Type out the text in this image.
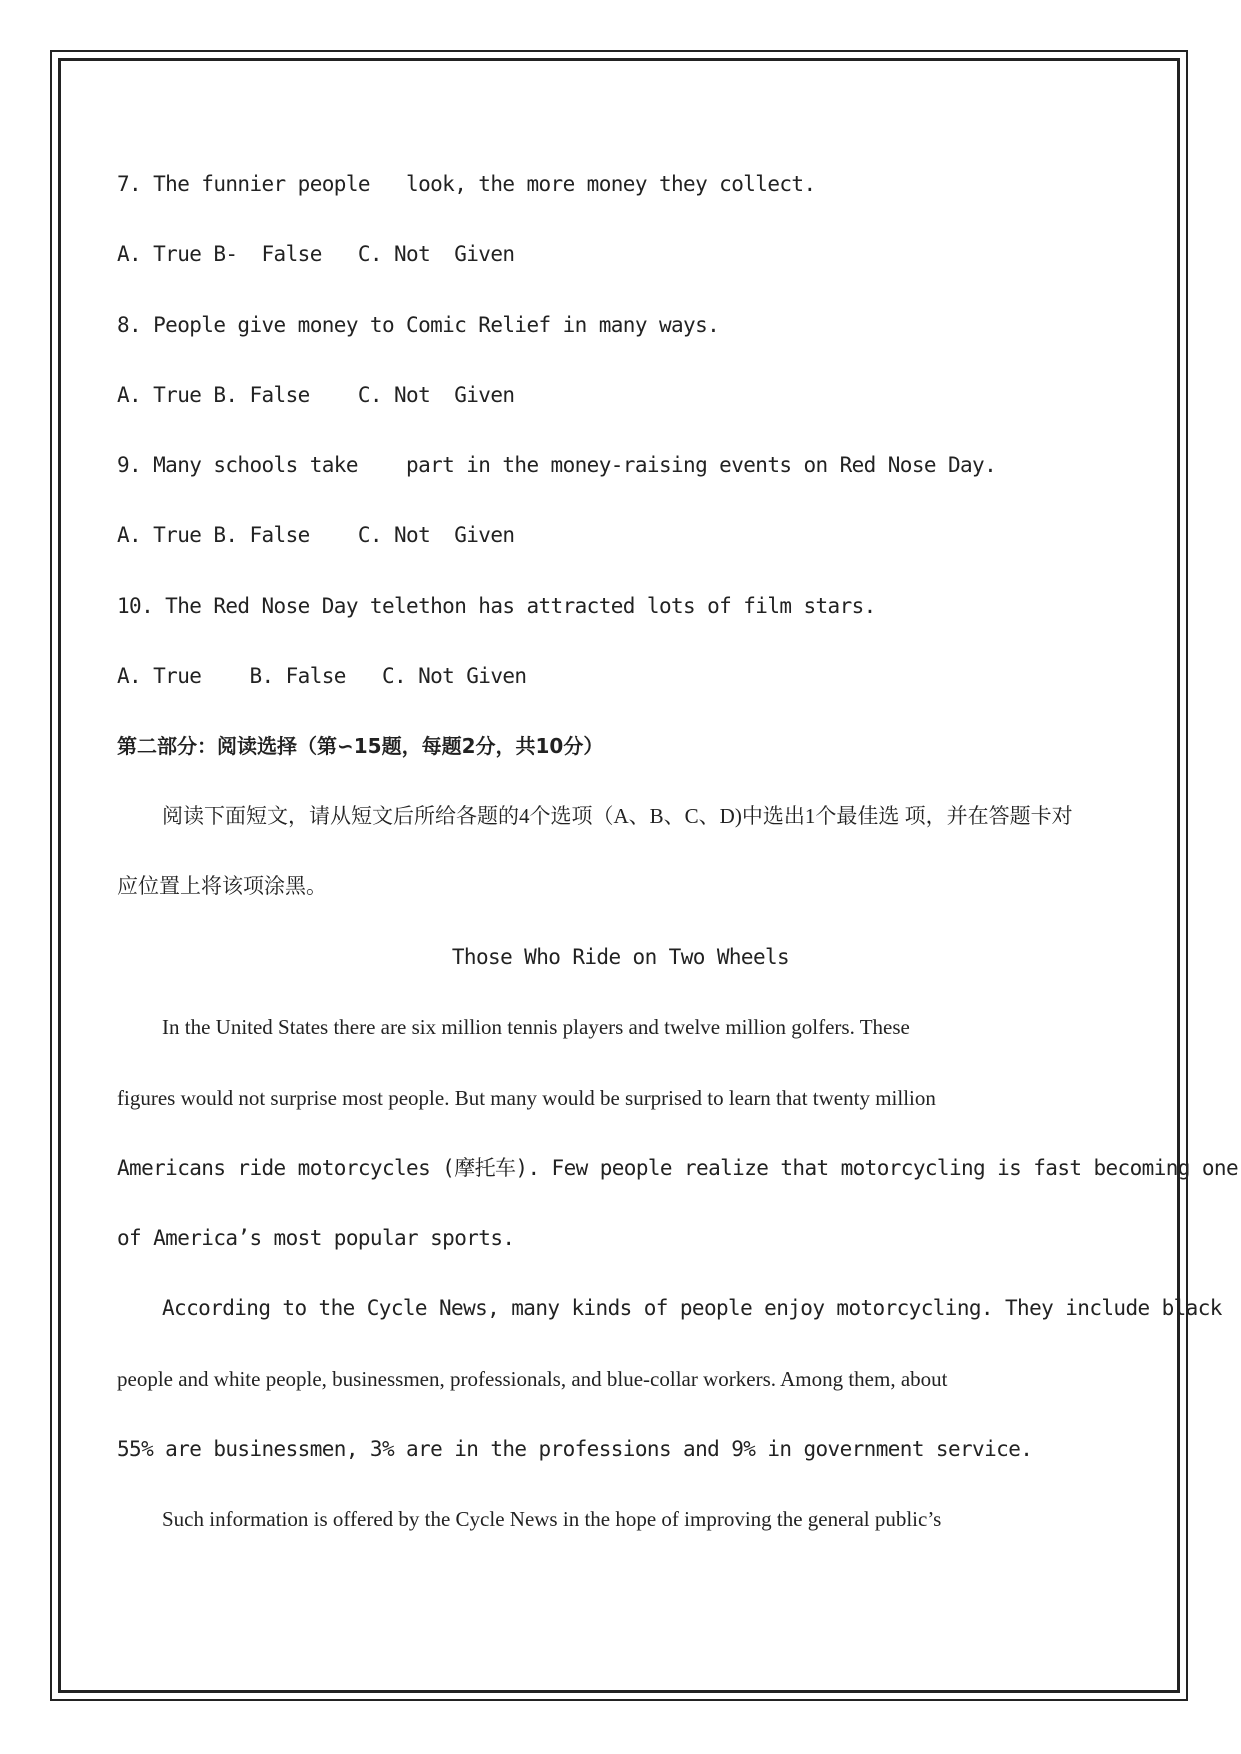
7. The funnier people   look, the more money they collect.
A. True B-  False   C. Not  Given
8. People give money to Comic Relief in many ways.
A. True B. False    C. Not  Given
9. Many schools take    part in the money-raising events on Red Nose Day.
A. True B. False    C. Not  Given
10. The Red Nose Day telethon has attracted lots of film stars.
A. True    B. False   C. Not Given
第二部分：阅读选择（第∽15题，每题2分，共10分）
阅读下面短文，请从短文后所给各题的4个选项（A、B、C、D)中选出1个最佳选 项，并在答题卡对
应位置上将该项涂黑。
Those Who Ride on Two Wheels
In the United States there are six million tennis players and twelve million golfers. These
figures would not surprise most people. But many would be surprised to learn that twenty million
Americans ride motorcycles (摩托车). Few people realize that motorcycling is fast becoming one
of America’s most popular sports.
According to the Cycle News, many kinds of people enjoy motorcycling. They include black
people and white people, businessmen, professionals, and blue-collar workers. Among them, about
55% are businessmen, 3% are in the professions and 9% in government service.
Such information is offered by the Cycle News in the hope of improving the general public’s
